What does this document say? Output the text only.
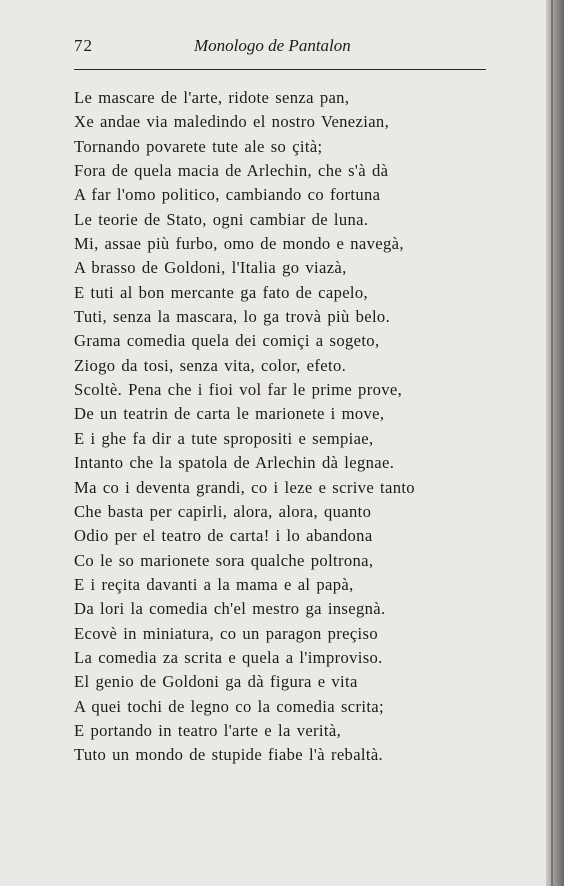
72	Monologo de Pantalon
Le mascare de l'arte, ridote senza pan,
Xe andae via maledindo el nostro Venezian,
Tornando povarete tute ale so çità;
Fora de quela macia de Arlechin, che s'à dà
A far l'omo politico, cambiando co fortuna
Le teorie de Stato, ogni cambiar de luna.
Mi, assae più furbo, omo de mondo e navegà,
A brasso de Goldoni, l'Italia go viazà,
E tuti al bon mercante ga fato de capelo,
Tuti, senza la mascara, lo ga trovà più belo.
Grama comedia quela dei comiçi a sogeto,
Ziogo da tosi, senza vita, color, efeto.
Scoltè. Pena che i fioi vol far le prime prove,
De un teatrin de carta le marionete i move,
E i ghe fa dir a tute spropositi e sempiae,
Intanto che la spatola de Arlechin dà legnae.
Ma co i deventa grandi, co i leze e scrive tanto
Che basta per capirli, alora, alora, quanto
Odio per el teatro de carta! i lo abandona
Co le so marionete sora qualche poltrona,
E i reçita davanti a la mama e al papà,
Da lori la comedia ch'el mestro ga insegnà.
Ecovè in miniatura, co un paragon preçiso
La comedia za scrita e quela a l'improviso.
El genio de Goldoni ga dà figura e vita
A quei tochi de legno co la comedia scrita;
E portando in teatro l'arte e la verità,
Tuto un mondo de stupide fiabe l'à rebaltà.
